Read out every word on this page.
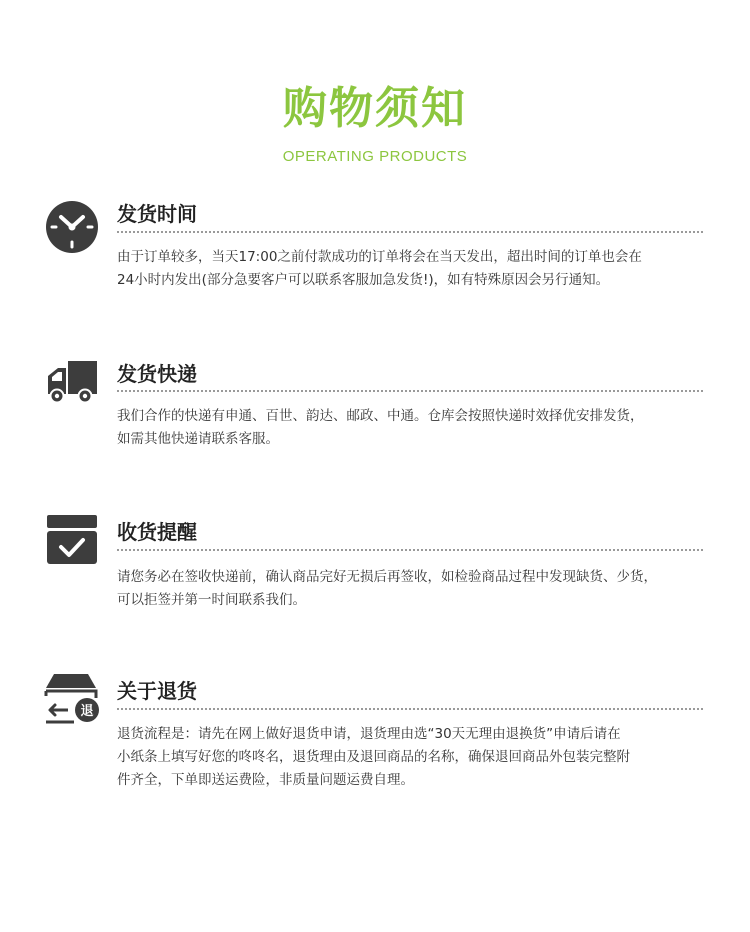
购物须知
OPERATING PRODUCTS
发货时间
由于订单较多，当天17:00之前付款成功的订单将会在当天发出，超出时间的订单也会在
24小时内发出(部分急要客户可以联系客服加急发货!)，如有特殊原因会另行通知。
发货快递
我们合作的快递有申通、百世、韵达、邮政、中通。仓库会按照快递时效择优安排发货，
如需其他快递请联系客服。
收货提醒
请您务必在签收快递前，确认商品完好无损后再签收，如检验商品过程中发现缺货、少货，
可以拒签并第一时间联系我们。
退
关于退货
退货流程是：请先在网上做好退货申请，退货理由选“30天无理由退换货”申请后请在
小纸条上填写好您的咚咚名，退货理由及退回商品的名称，确保退回商品外包装完整附
件齐全，下单即送运费险，非质量问题运费自理。
